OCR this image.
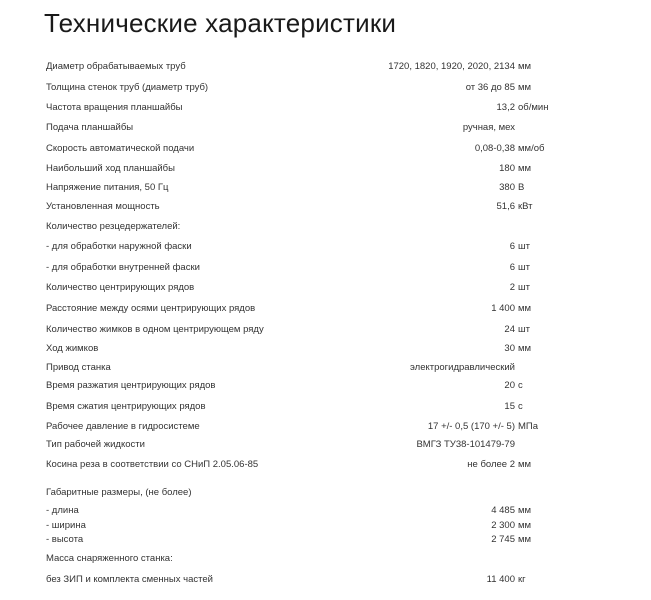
Технические характеристики
Диаметр обрабатываемых труб	1720, 1820, 1920, 2020, 2134 мм
Толщина стенок труб (диаметр труб)	от 36 до 85 мм
Частота вращения планшайбы	13,2 об/мин
Подача планшайбы	ручная, мех
Скорость автоматической подачи	0,08-0,38 мм/об
Наибольший ход планшайбы	180 мм
Напряжение питания, 50 Гц	380 В
Установленная мощность	51,6 кВт
Количество резцедержателей:
- для обработки наружной фаски	6 шт
- для обработки внутренней фаски	6 шт
Количество центрирующих рядов	2 шт
Расстояние между осями центрирующих рядов	1 400 мм
Количество жимков в одном центрирующем ряду	24 шт
Ход жимков	30 мм
Привод станка	электрогидравлический
Время разжатия центрирующих рядов	20 с
Время сжатия центрирующих рядов	15 с
Рабочее давление в гидросистеме	17 +/- 0,5 (170 +/- 5) МПа
Тип рабочей жидкости	ВМГЗ ТУ38-101479-79
Косина реза в соответствии со СНиП 2.05.06-85	не более 2 мм
Габаритные размеры, (не более)
- длина	4 485 мм
- ширина	2 300 мм
- высота	2 745 мм
Масса снаряженного станка:
без ЗИП и комплекта сменных частей	11 400 кг
